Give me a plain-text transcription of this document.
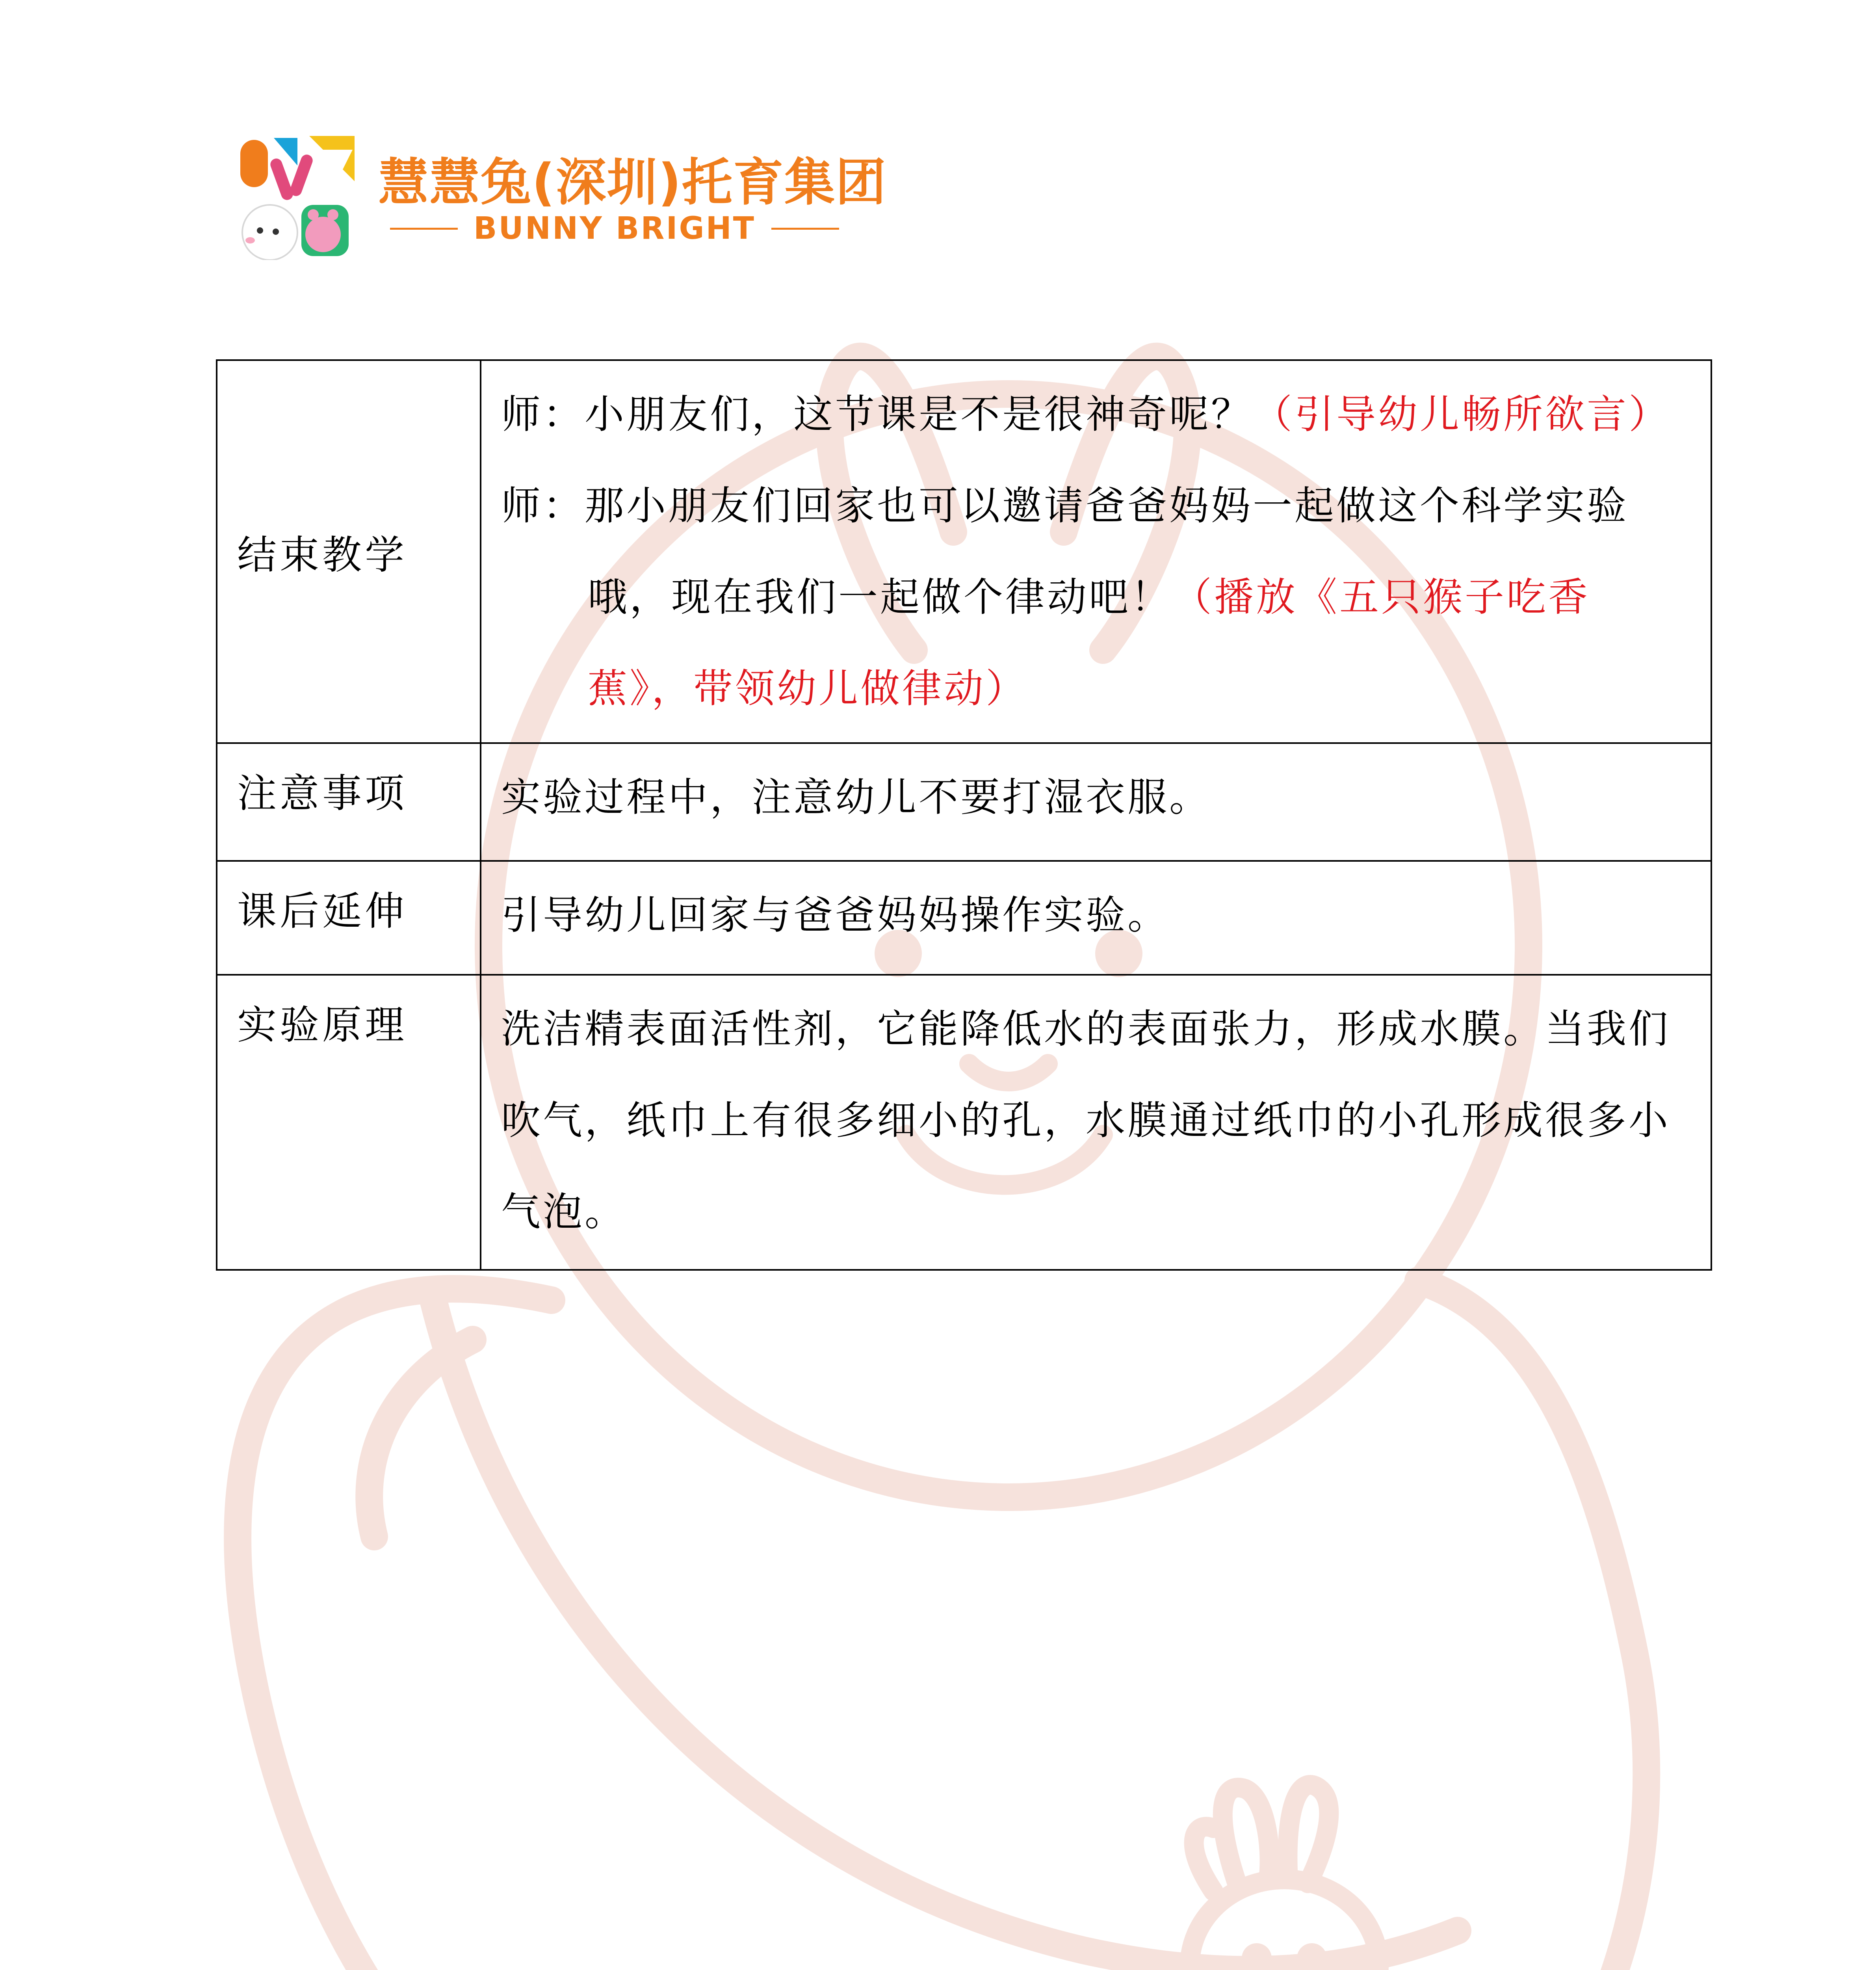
慧慧兔(深圳)托育集团
BUNNY BRIGHT
结束教学	师：小朋友们，这节课是不是很神奇呢？（引导幼儿畅所欲言）

师：那小朋友们回家也可以邀请爸爸妈妈一起做这个科学实验哦，现在我们一起做个律动吧！（播放《五只猴子吃香蕉》，带领幼儿做律动）

注意事项	实验过程中，注意幼儿不要打湿衣服。

课后延伸	引导幼儿回家与爸爸妈妈操作实验。

实验原理	洗洁精表面活性剂，它能降低水的表面张力，形成水膜。当我们吹气，纸巾上有很多细小的孔，水膜通过纸巾的小孔形成很多小气泡。
